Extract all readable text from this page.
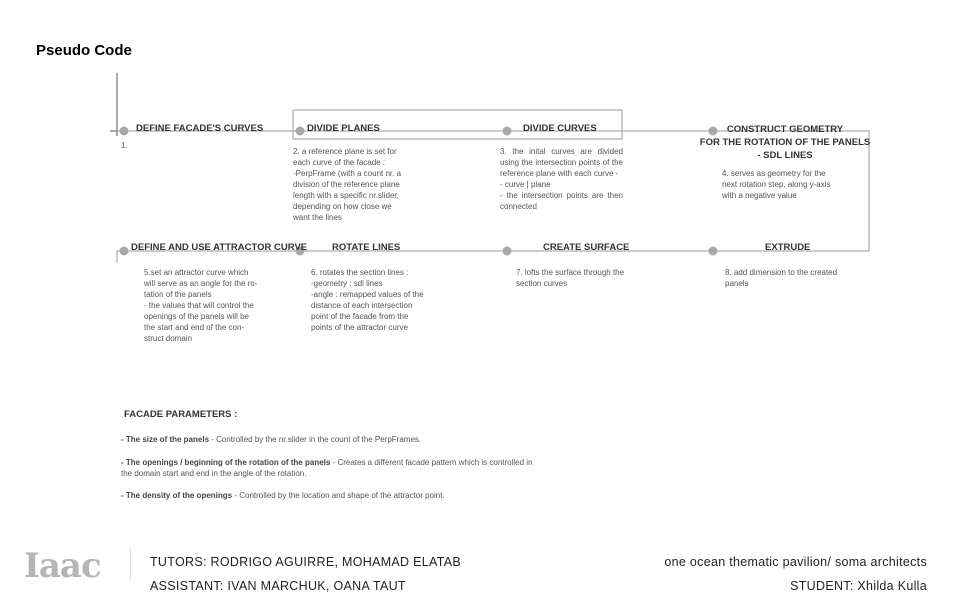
Pseudo Code
DEFINE FACADE'S CURVES
1.
DIVIDE PLANES
2. a reference plane is set for
each curve of the facade :
-PerpFrame (with a count nr. a
division of the reference plane
length with a specific nr.slider,
depending on how close we
want the lines
DIVIDE CURVES
3. the inital curves are divided using the intersection points of the reference plane with each curve -
- curve | plane
- the intersection points are then connected
CONSTRUCT GEOMETRY
FOR THE ROTATION OF THE PANELS
- SDL LINES
4. serves as geometry for the
next rotation step, along y-axis
with a negative value
DEFINE AND USE ATTRACTOR CURVE
5.set an attractor curve which
will serve as an angle for the ro-
tation of the panels
- the values that will control the
openings of the panels will be
the start and end of the con-
struct domain
ROTATE LINES
6. rotates the section lines :
-geometry : sdl lines
-angle : remapped values of the
distance of each intersection
point of the facade from the
points of the attractor curve
CREATE SURFACE
7. lofts the surface through the
section curves
EXTRUDE
8. add dimension to the created
panels
FACADE PARAMETERS :
- The size of the panels - Controlled by the nr.slider in the count of the PerpFrames.
- The openings / beginning of the rotation of the panels - Creates a different facade pattern which is controlled in the domain start and end in the angle of the rotation.
- The density of the openings - Controlled by the location and shape of the attractor point.
Iaac	TUTORS: RODRIGO AGUIRRE, MOHAMAD ELATAB
ASSISTANT: IVAN MARCHUK, OANA TAUT
one ocean thematic pavilion/ soma architects
STUDENT: Xhilda Kulla
